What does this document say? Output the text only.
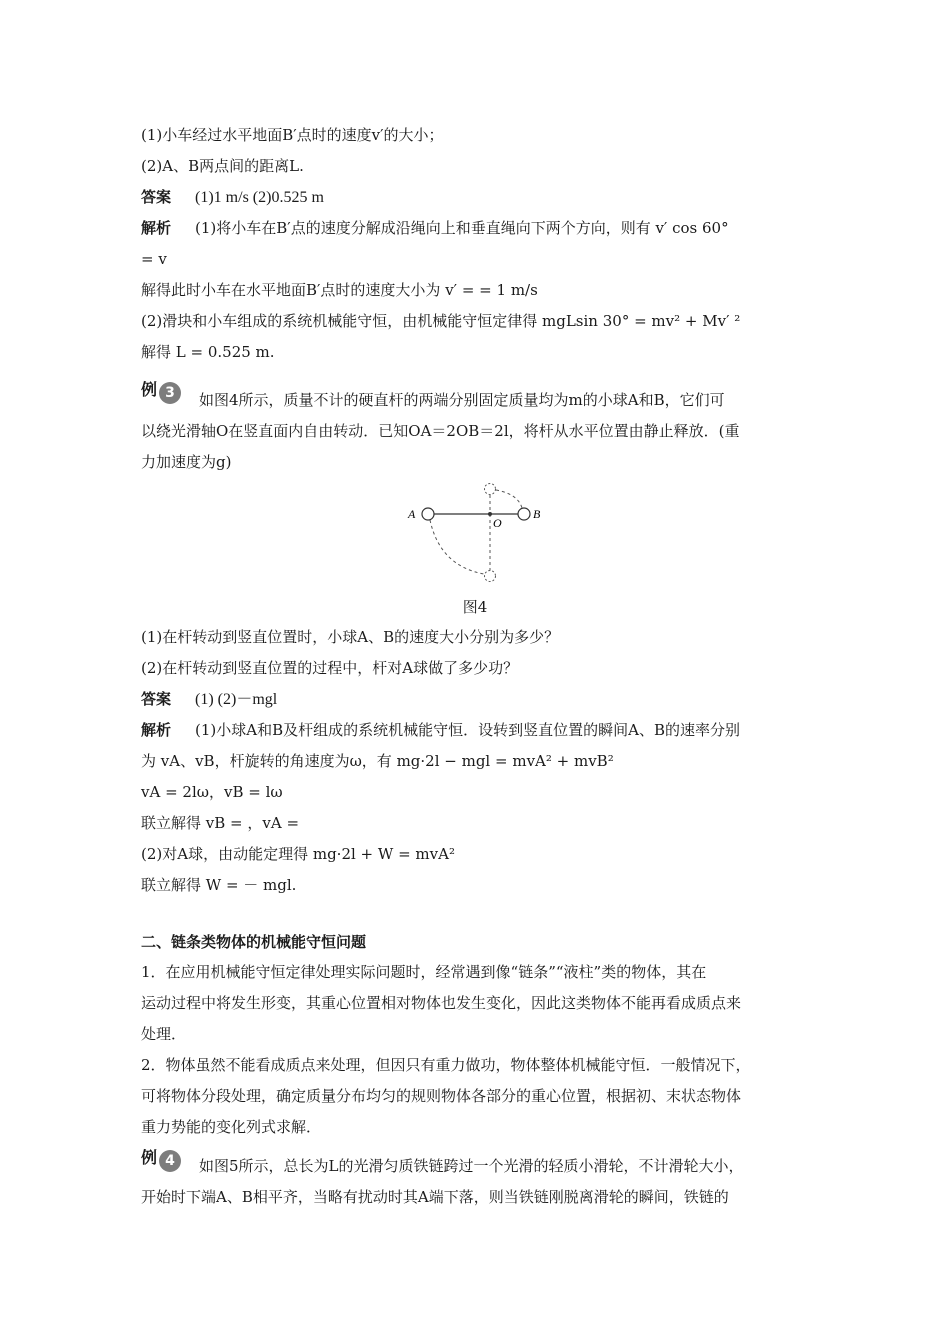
(1)小车经过水平地面B′点时的速度v′的大小；
(2)A、B两点间的距离L.
答案 (1)1 m/s (2)0.525 m
解析 (1)将小车在B′点的速度分解成沿绳向上和垂直绳向下两个方向，则有 v′ cos 60°
= v
解得此时小车在水平地面B′点时的速度大小为 v′ = = 1 m/s
(2)滑块和小车组成的系统机械能守恒，由机械能守恒定律得 mgLsin 30° = mv² + Mv′ ²
解得 L = 0.525 m.
例 3	如图4所示，质量不计的硬直杆的两端分别固定质量均为m的小球A和B，它们可
以绕光滑轴O在竖直面内自由转动．已知OA＝2OB＝2l，将杆从水平位置由静止释放．(重
力加速度为g)
A
O
B
图4
(1)在杆转动到竖直位置时，小球A、B的速度大小分别为多少？
(2)在杆转动到竖直位置的过程中，杆对A球做了多少功？
答案 (1) (2)－mgl
解析 (1)小球A和B及杆组成的系统机械能守恒．设转到竖直位置的瞬间A、B的速率分别
为 vA、vB，杆旋转的角速度为ω，有 mg·2l − mgl = mvA² + mvB²
vA = 2lω，vB = lω
联立解得 vB = ，vA =
(2)对A球，由动能定理得 mg·2l + W = mvA²
联立解得 W = － mgl.
二、链条类物体的机械能守恒问题
1．在应用机械能守恒定律处理实际问题时，经常遇到像“链条”“液柱”类的物体，其在
运动过程中将发生形变，其重心位置相对物体也发生变化，因此这类物体不能再看成质点来
处理．
2．物体虽然不能看成质点来处理，但因只有重力做功，物体整体机械能守恒．一般情况下，
可将物体分段处理，确定质量分布均匀的规则物体各部分的重心位置，根据初、末状态物体
重力势能的变化列式求解．
例 4	如图5所示，总长为L的光滑匀质铁链跨过一个光滑的轻质小滑轮，不计滑轮大小，
开始时下端A、B相平齐，当略有扰动时其A端下落，则当铁链刚脱离滑轮的瞬间，铁链的
